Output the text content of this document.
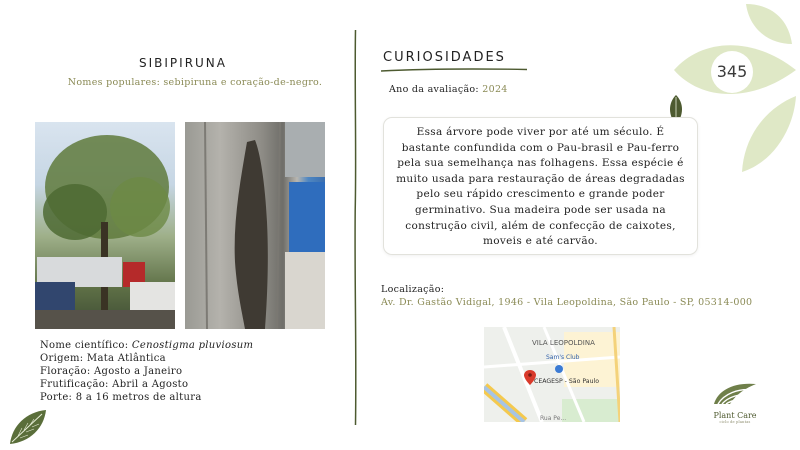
SIBIPIRUNA
Nomes populares: sebipiruna e coração-de-negro.
Nome científico: Cenostigma pluviosum
Origem: Mata Atlântica
Floração: Agosto a Janeiro
Frutificação: Abril a Agosto
Porte: 8 a 16 metros de altura
CURIOSIDADES
Ano da avaliação: 2024
Essa árvore pode viver por até um século. É bastante confundida com o Pau-brasil e Pau-ferro pela sua semelhança nas folhagens. Essa espécie é muito usada para restauração de áreas degradadas pelo seu rápido crescimento e grande poder germinativo. Sua madeira pode ser usada na construção civil, além de confecção de caixotes, moveis e até carvão.
Localização:
Av. Dr. Gastão Vidigal, 1946 - Vila Leopoldina, São Paulo - SP, 05314-000
VILA LEOPOLDINA
Sam's Club
CEAGESP - São Paulo
Rua Pe...
345
Plant Care
ciclo de plantas
